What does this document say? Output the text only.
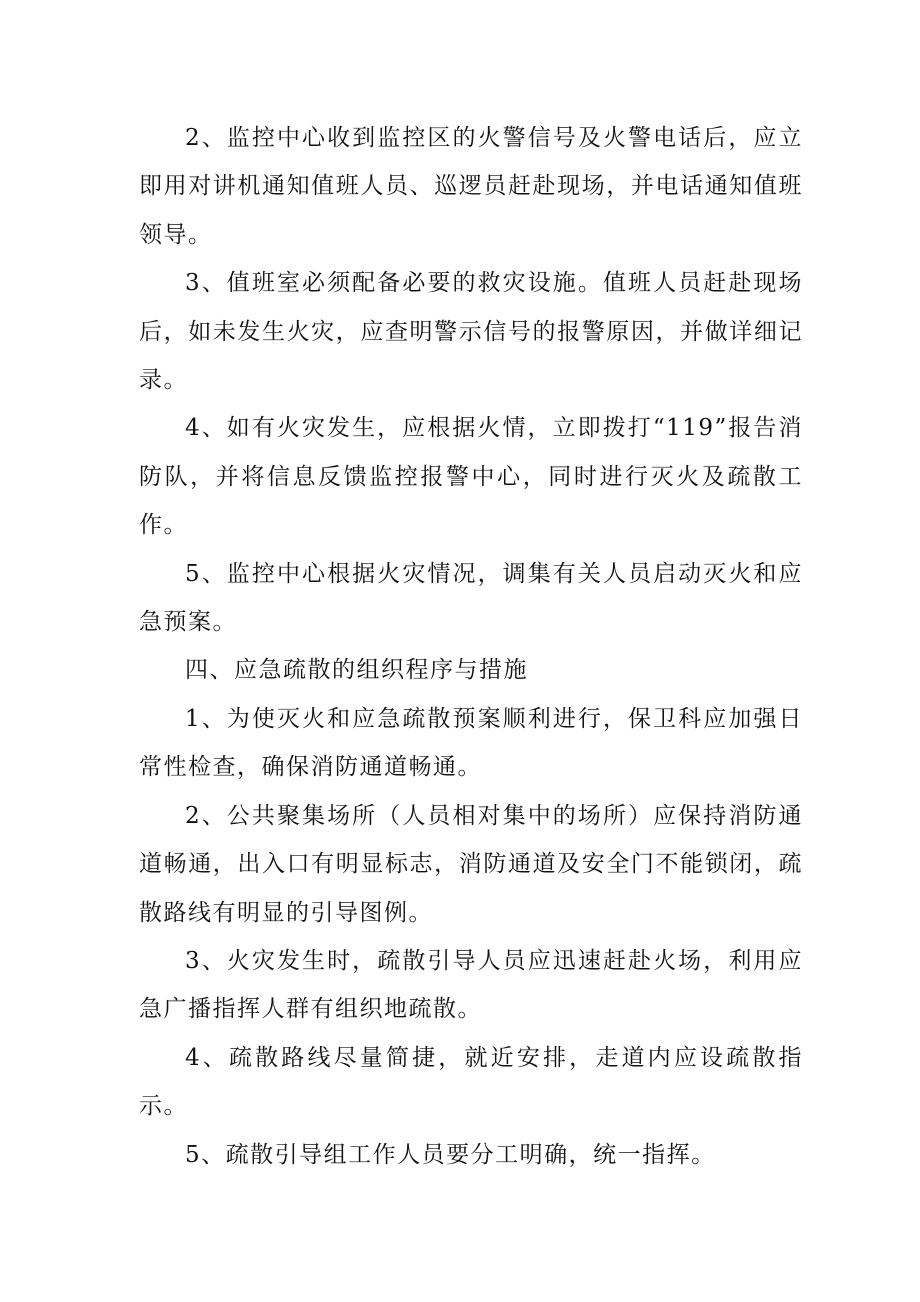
2、监控中心收到监控区的火警信号及火警电话后，应立即用对讲机通知值班人员、巡逻员赶赴现场，并电话通知值班领导。

3、值班室必须配备必要的救灾设施。值班人员赶赴现场后，如未发生火灾，应查明警示信号的报警原因，并做详细记录。

4、如有火灾发生，应根据火情，立即拨打“119”报告消防队，并将信息反馈监控报警中心，同时进行灭火及疏散工作。

5、监控中心根据火灾情况，调集有关人员启动灭火和应急预案。

四、应急疏散的组织程序与措施

1、为使灭火和应急疏散预案顺利进行，保卫科应加强日常性检查，确保消防通道畅通。

2、公共聚集场所（人员相对集中的场所）应保持消防通道畅通，出入口有明显标志，消防通道及安全门不能锁闭，疏散路线有明显的引导图例。

3、火灾发生时，疏散引导人员应迅速赶赴火场，利用应急广播指挥人群有组织地疏散。

4、疏散路线尽量简捷，就近安排，走道内应设疏散指示。

5、疏散引导组工作人员要分工明确，统一指挥。
